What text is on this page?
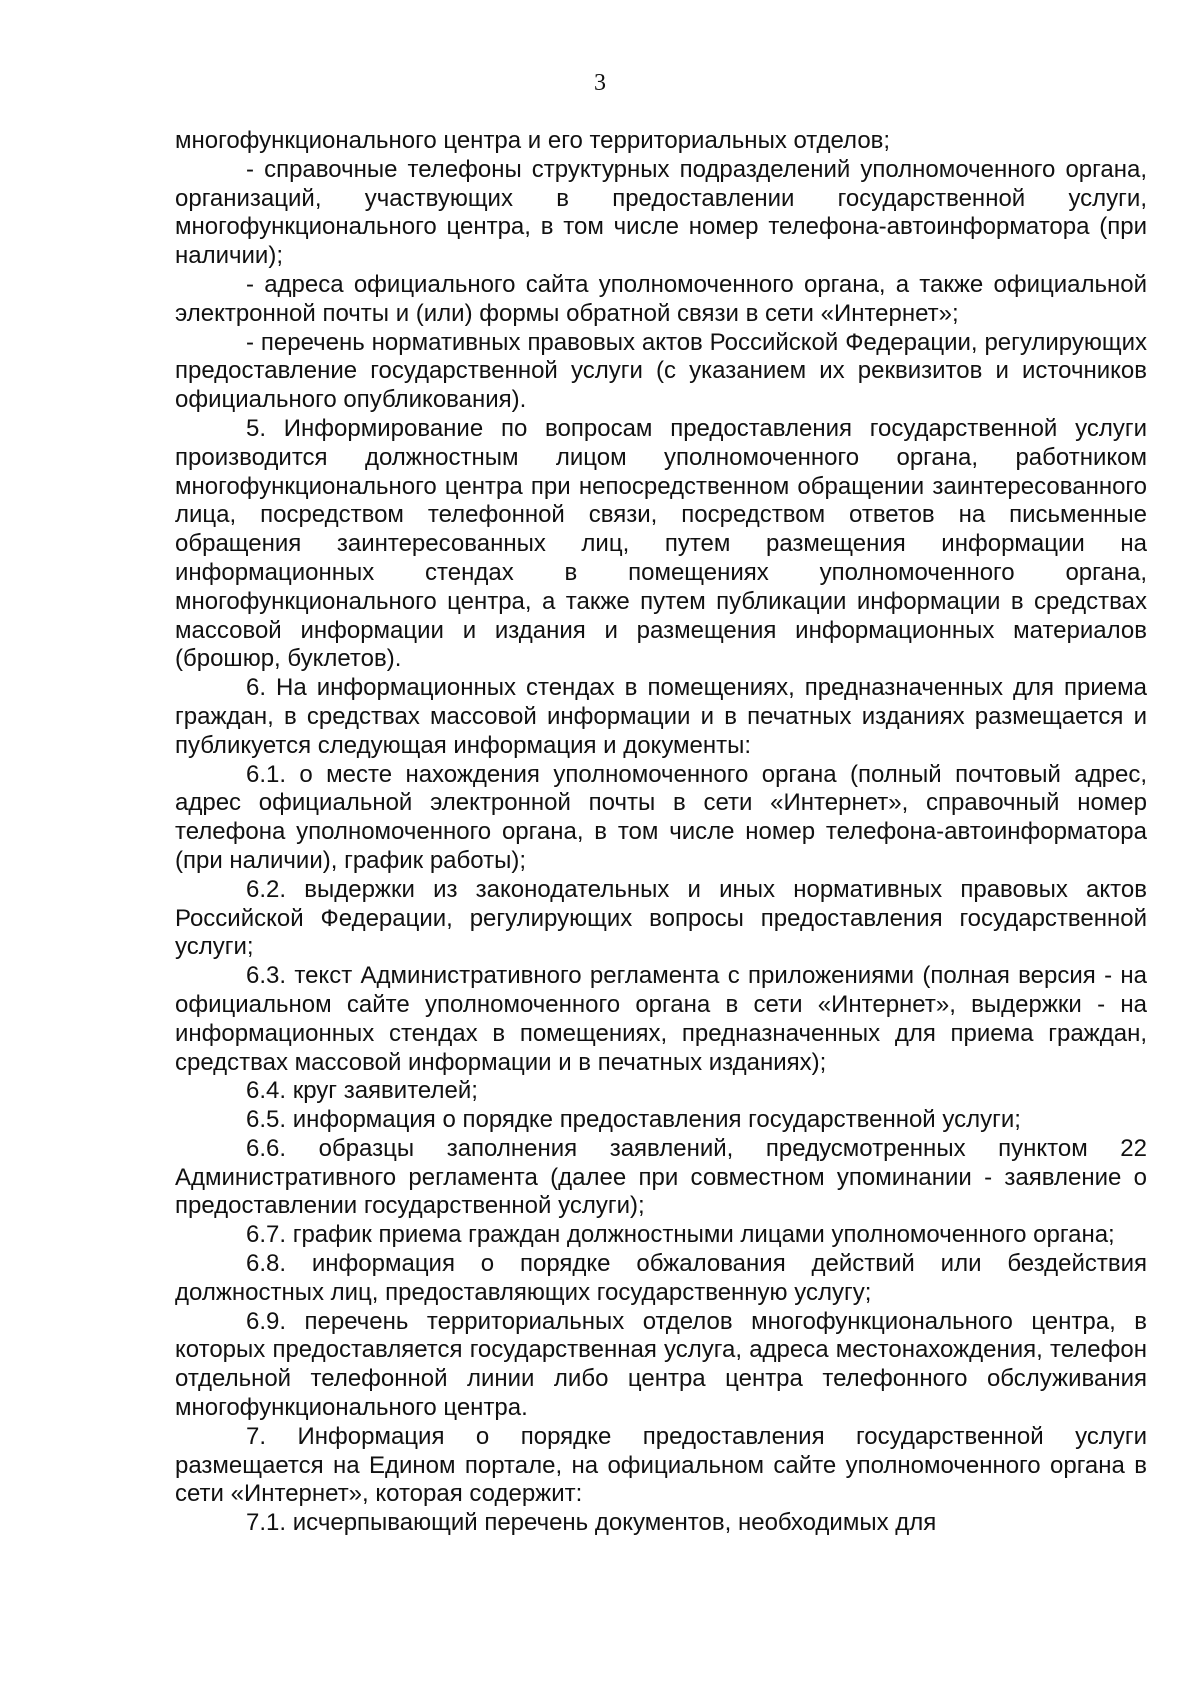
3

многофункционального центра и его территориальных отделов;

- справочные телефоны структурных подразделений уполномоченного органа, организаций, участвующих в предоставлении государственной услуги, многофункционального центра, в том числе номер телефона-автоинформатора (при наличии);

- адреса официального сайта уполномоченного органа, а также официальной электронной почты и (или) формы обратной связи в сети «Интернет»;

- перечень нормативных правовых актов Российской Федерации, регулирующих предоставление государственной услуги (с указанием их реквизитов и источников официального опубликования).

5. Информирование по вопросам предоставления государственной услуги производится должностным лицом уполномоченного органа, работником многофункционального центра при непосредственном обращении заинтересованного лица, посредством телефонной связи, посредством ответов на письменные обращения заинтересованных лиц, путем размещения информации на информационных стендах в помещениях уполномоченного органа, многофункционального центра, а также путем публикации информации в средствах массовой информации и издания и размещения информационных материалов (брошюр, буклетов).

6. На информационных стендах в помещениях, предназначенных для приема граждан, в средствах массовой информации и в печатных изданиях размещается и публикуется следующая информация и документы:

6.1. о месте нахождения уполномоченного органа (полный почтовый адрес, адрес официальной электронной почты в сети «Интернет», справочный номер телефона уполномоченного органа, в том числе номер телефона-автоинформатора (при наличии), график работы);

6.2. выдержки из законодательных и иных нормативных правовых актов Российской Федерации, регулирующих вопросы предоставления государственной услуги;

6.3. текст Административного регламента с приложениями (полная версия - на официальном сайте уполномоченного органа в сети «Интернет», выдержки - на информационных стендах в помещениях, предназначенных для приема граждан, средствах массовой информации и в печатных изданиях);

6.4. круг заявителей;

6.5. информация о порядке предоставления государственной услуги;

6.6. образцы заполнения заявлений, предусмотренных пунктом 22 Административного регламента (далее при совместном упоминании - заявление о предоставлении государственной услуги);

6.7. график приема граждан должностными лицами уполномоченного органа;

6.8. информация о порядке обжалования действий или бездействия должностных лиц, предоставляющих государственную услугу;

6.9. перечень территориальных отделов многофункционального центра, в которых предоставляется государственная услуга, адреса местонахождения, телефон отдельной телефонной линии либо центра центра телефонного обслуживания многофункционального центра.

7. Информация о порядке предоставления государственной услуги размещается на Едином портале, на официальном сайте уполномоченного органа в сети «Интернет», которая содержит:

7.1. исчерпывающий перечень документов, необходимых для
